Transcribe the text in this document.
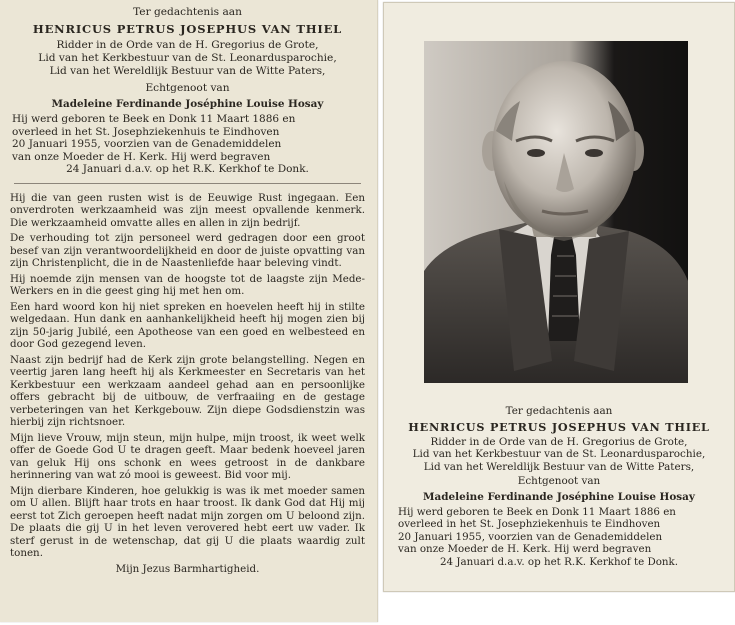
Ter gedachtenis aan

HENRICUS PETRUS JOSEPHUS VAN THIEL

Ridder in de Orde van de H. Gregorius de Grote,

Lid van het Kerkbestuur van de St. Leonardusparochie,

Lid van het Wereldlijk Bestuur van de Witte Paters,

Echtgenoot van

Madeleine Ferdinande Joséphine Louise Hosay

Hij werd geboren te Beek en Donk 11 Maart 1886 en
overleed in het St. Josephziekenhuis te Eindhoven
20 Januari 1955, voorzien van de Genademiddelen
van onze Moeder de H. Kerk. Hij werd begraven
24 Januari d.a.v. op het R.K. Kerkhof te Donk.

Hij die van geen rusten wist is de Eeuwige Rust ingegaan. Een onverdroten werkzaamheid was zijn meest opvallende kenmerk. Die werkzaamheid omvatte alles en allen in zijn bedrijf.

De verhouding tot zijn personeel werd gedragen door een groot besef van zijn verantwoordelijkheid en door de juiste opvatting van zijn Christenplicht, die in de Naastenliefde haar beleving vindt.

Hij noemde zijn mensen van de hoogste tot de laagste zijn Mede-Werkers en in die geest ging hij met hen om.

Een hard woord kon hij niet spreken en hoevelen heeft hij in stilte welgedaan. Hun dank en aanhankelijkheid heeft hij mogen zien bij zijn 50-jarig Jubilé, een Apotheose van een goed en welbesteed en door God gezegend leven.

Naast zijn bedrijf had de Kerk zijn grote belangstelling. Negen en veertig jaren lang heeft hij als Kerkmeester en Secretaris van het Kerkbestuur een werkzaam aandeel gehad aan en persoonlijke offers gebracht bij de uitbouw, de verfraaiing en de gestage verbeteringen van het Kerkgebouw. Zijn diepe Godsdienstzin was hierbij zijn richtsnoer.

Mijn lieve Vrouw, mijn steun, mijn hulpe, mijn troost, ik weet welk offer de Goede God U te dragen geeft. Maar bedenk hoeveel jaren van geluk Hij ons schonk en wees getroost in de dankbare herinnering van wat zó mooi is geweest. Bid voor mij.

Mijn dierbare Kinderen, hoe gelukkig is was ik met moeder samen om U allen. Blijft haar trots en haar troost. Ik dank God dat Hij mij eerst tot Zich geroepen heeft nadat mijn zorgen om U beloond zijn. De plaats die gij U in het leven verovered hebt eert uw vader. Ik sterf gerust in de wetenschap, dat gij U die plaats waardig zult tonen.

Mijn Jezus Barmhartigheid.

Ter gedachtenis aan

HENRICUS PETRUS JOSEPHUS VAN THIEL

Ridder in de Orde van de H. Gregorius de Grote,

Lid van het Kerkbestuur van de St. Leonardusparochie,

Lid van het Wereldlijk Bestuur van de Witte Paters,

Echtgenoot van

Madeleine Ferdinande Joséphine Louise Hosay

Hij werd geboren te Beek en Donk 11 Maart 1886 en
overleed in het St. Josephziekenhuis te Eindhoven
20 Januari 1955, voorzien van de Genademiddelen
van onze Moeder de H. Kerk. Hij werd begraven
24 Januari d.a.v. op het R.K. Kerkhof te Donk.
